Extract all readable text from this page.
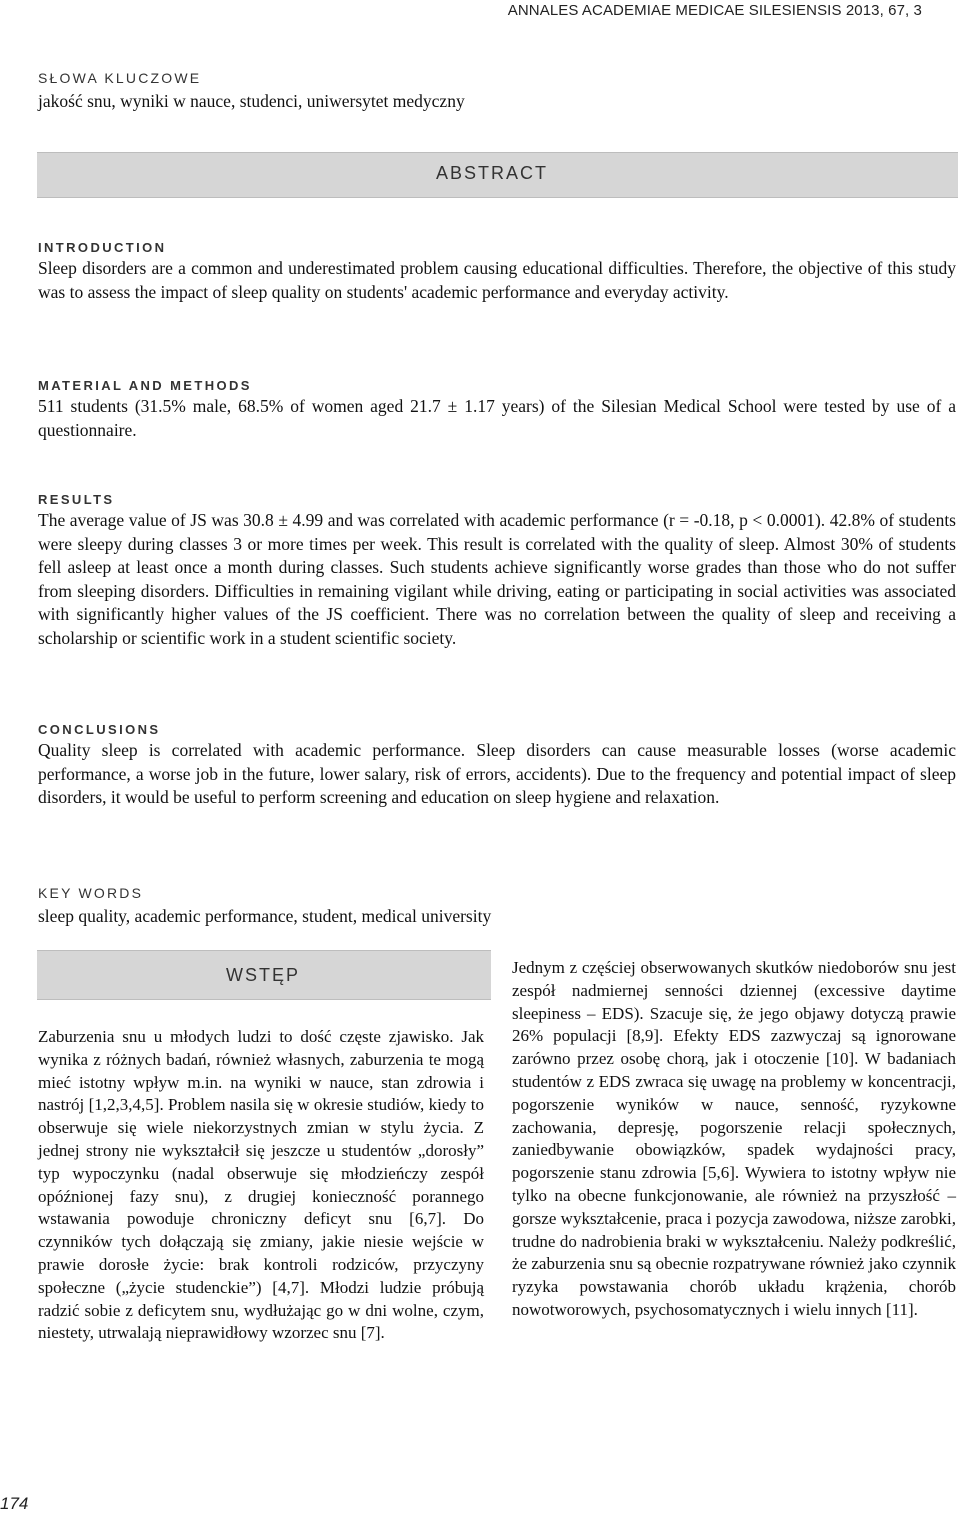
ANNALES ACADEMIAE MEDICAE SILESIENSIS 2013, 67, 3

SŁOWA KLUCZOWE

jakość snu, wyniki w nauce, studenci, uniwersytet medyczny

ABSTRACT

INTRODUCTION

Sleep disorders are a common and underestimated problem causing educational difficulties. Therefore, the objective of this study was to assess the impact of sleep quality on students' academic performance and everyday activity.

MATERIAL AND METHODS

511 students (31.5% male, 68.5% of women aged 21.7 ± 1.17 years) of the Silesian Medical School were tested by use of a questionnaire.

RESULTS

The average value of JS was 30.8 ± 4.99 and was correlated with academic performance (r = -0.18, p < 0.0001). 42.8% of students were sleepy during classes 3 or more times per week. This result is correlated with the quality of sleep. Almost 30% of students fell asleep at least once a month during classes. Such students achieve significantly worse grades than those who do not suffer from sleeping disorders. Difficulties in remaining vigilant while driving, eating or participating in social activities was associated with significantly higher values of the JS coefficient. There was no correlation between the quality of sleep and receiving a scholarship or scientific work in a student scientific society.

CONCLUSIONS

Quality sleep is correlated with academic performance. Sleep disorders can cause measurable losses (worse academic performance, a worse job in the future, lower salary, risk of errors, accidents). Due to the frequency and potential impact of sleep disorders, it would be useful to perform screening and education on sleep hygiene and relaxation.

KEY WORDS

sleep quality, academic performance, student, medical university

WSTĘP
Zaburzenia snu u młodych ludzi to dość częste zjawisko. Jak wynika z różnych badań, również własnych, zaburzenia te mogą mieć istotny wpływ m.in. na wyniki w nauce, stan zdrowia i nastrój [1,2,3,4,5]. Problem nasila się w okresie studiów, kiedy to obserwuje się wiele niekorzystnych zmian w stylu życia. Z jednej strony nie wykształcił się jeszcze u studentów „dorosły” typ wypoczynku (nadal obserwuje się młodzieńczy zespół opóźnionej fazy snu), z drugiej konieczność porannego wstawania powoduje chroniczny deficyt snu [6,7]. Do czynników tych dołączają się zmiany, jakie niesie wejście w prawie dorosłe życie: brak kontroli rodziców, przyczyny społeczne („życie studenckie”) [4,7]. Młodzi ludzie próbują radzić sobie z deficytem snu, wydłużając go w dni wolne, czym, niestety, utrwalają nieprawidłowy wzorzec snu [7].
Jednym z częściej obserwowanych skutków niedoborów snu jest zespół nadmiernej senności dziennej (excessive daytime sleepiness – EDS). Szacuje się, że jego objawy dotyczą prawie 26% populacji [8,9]. Efekty EDS zazwyczaj są ignorowane zarówno przez osobę chorą, jak i otoczenie [10]. W badaniach studentów z EDS zwraca się uwagę na problemy w koncentracji, pogorszenie wyników w nauce, senność, ryzykowne zachowania, depresję, pogorszenie relacji społecznych, zaniedbywanie obowiązków, spadek wydajności pracy, pogorszenie stanu zdrowia [5,6]. Wywiera to istotny wpływ nie tylko na obecne funkcjonowanie, ale również na przyszłość – gorsze wykształcenie, praca i pozycja zawodowa, niższe zarobki, trudne do nadrobienia braki w wykształceniu. Należy podkreślić, że zaburzenia snu są obecnie rozpatrywane również jako czynnik ryzyka powstawania chorób układu krążenia, chorób nowotworowych, psychosomatycznych i wielu innych [11].
174
